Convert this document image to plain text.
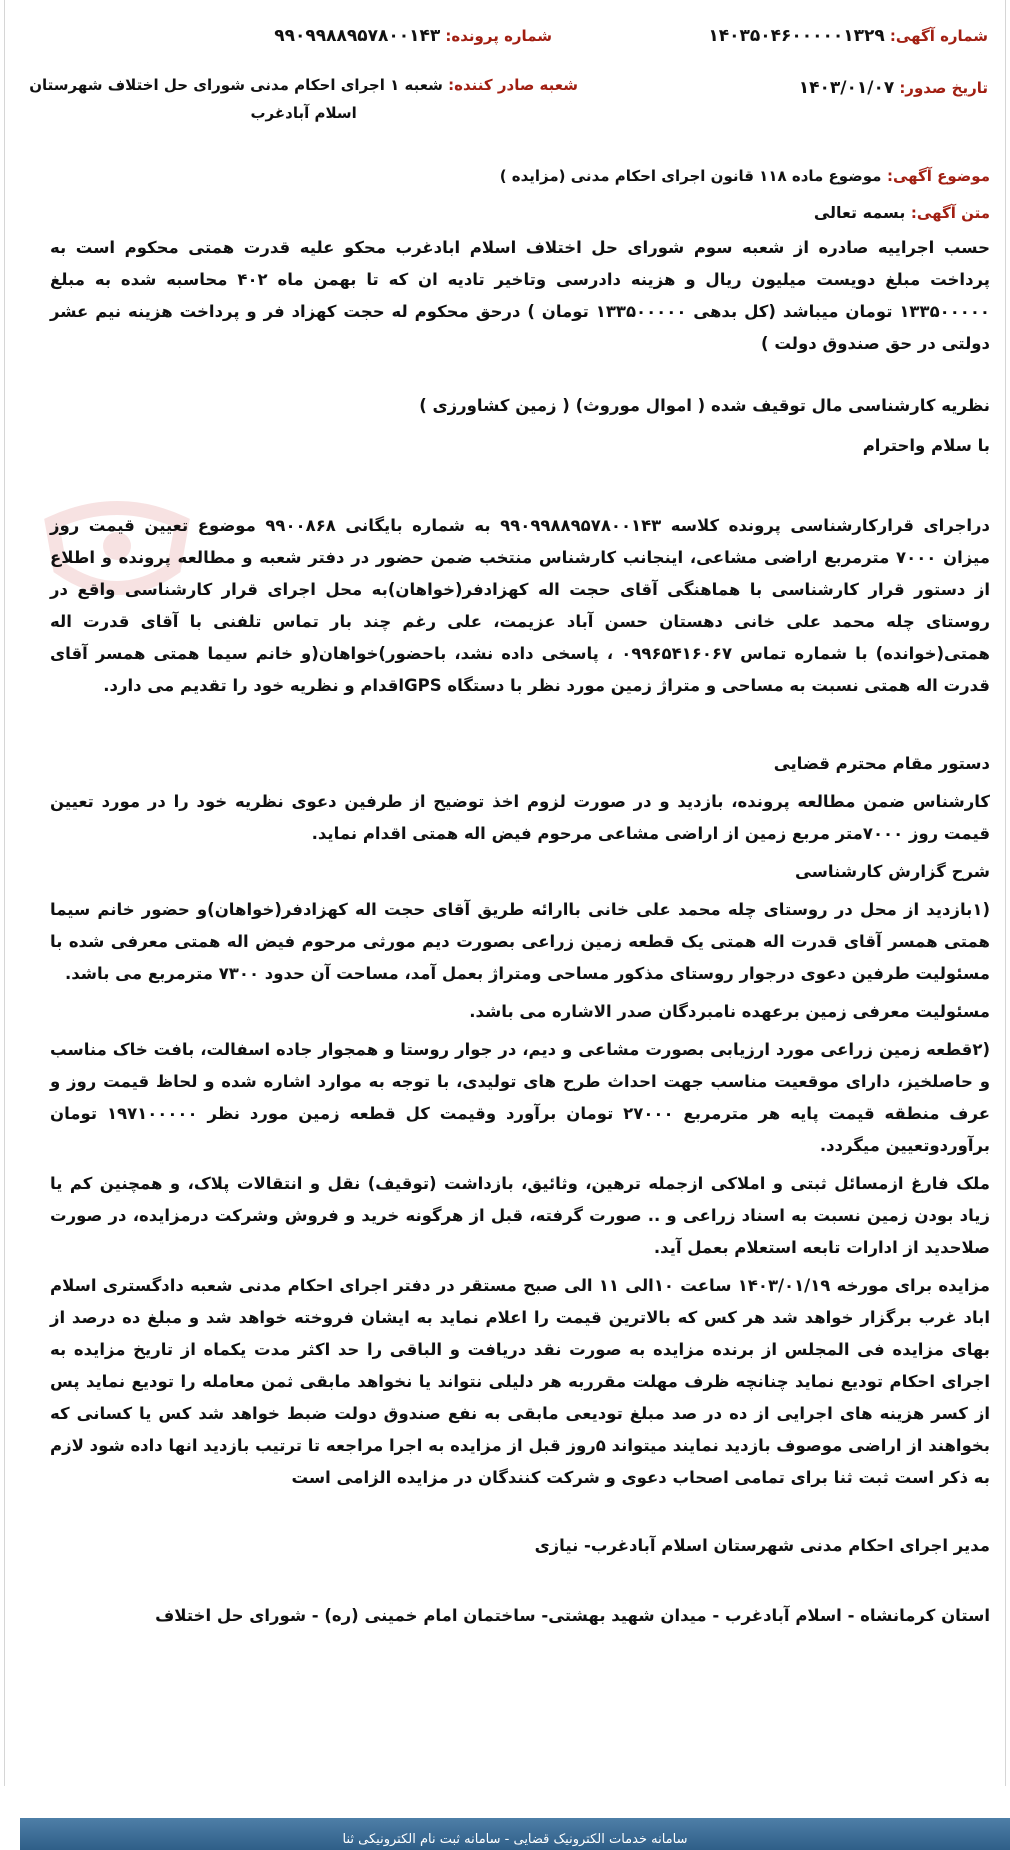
شماره آگهی: ۱۴۰۳۵۰۴۶۰۰۰۰۰۱۳۲۹
شماره پرونده: ۹۹۰۹۹۸۸۹۵۷۸۰۰۱۴۳
تاریخ صدور: ۱۴۰۳/۰۱/۰۷
شعبه صادر کننده: شعبه ۱ اجرای احکام مدنی شورای حل اختلاف شهرستان
اسلام آبادغرب
موضوع آگهی: موضوع ماده ۱۱۸ قانون اجرای احکام مدنی (مزایده )
متن آگهی: بسمه تعالی

حسب اجراییه صادره از شعبه سوم شورای حل اختلاف اسلام ابادغرب محکو علیه قدرت همتی محکوم است به پرداخت مبلغ دویست میلیون ریال و هزینه دادرسی وتاخیر تادیه ان که تا بهمن ماه ۴۰۲ محاسبه شده به مبلغ ۱۳۳۵۰۰۰۰۰ تومان میباشد (کل بدهی ۱۳۳۵۰۰۰۰۰ تومان ) درحق محکوم له حجت کهزاد فر و پرداخت هزینه نیم عشر دولتی در حق صندوق دولت )

نظریه کارشناسی مال توقیف شده ( اموال موروث) ( زمین کشاورزی )

با سلام واحترام

دراجرای قرارکارشناسی پرونده کلاسه ۹۹۰۹۹۸۸۹۵۷۸۰۰۱۴۳ به شماره بایگانی ۹۹۰۰۸۶۸ موضوع تعیین قیمت روز میزان ۷۰۰۰ مترمربع اراضی مشاعی، اینجانب کارشناس منتخب ضمن حضور در دفتر شعبه و مطالعه پرونده و اطلاع از دستور قرار کارشناسی با هماهنگی آقای حجت اله کهزادفر(خواهان)به محل اجرای قرار کارشناسی واقع در روستای چله محمد علی خانی دهستان حسن آباد عزیمت، علی رغم چند بار تماس تلفنی با آقای قدرت اله همتی(خوانده) با شماره تماس ۰۹۹۶۵۴۱۶۰۶۷ ، پاسخی داده نشد، باحضور)خواهان(و خانم سیما همتی همسر آقای قدرت اله همتی نسبت به مساحی و متراژ زمین مورد نظر با دستگاه GPSاقدام و نظریه خود را تقدیم می دارد.

دستور مقام محترم قضایی

کارشناس ضمن مطالعه پرونده، بازدید و در صورت لزوم اخذ توضیح از طرفین دعوی نظریه خود را در مورد تعیین قیمت روز ۷۰۰۰متر مربع زمین از اراضی مشاعی مرحوم فیض اله همتی اقدام نماید.

شرح گزارش کارشناسی

(۱بازدید از محل در روستای چله محمد علی خانی باارائه طریق آقای حجت اله کهزادفر(خواهان)و حضور خانم سیما همتی همسر آقای قدرت اله همتی یک قطعه زمین زراعی بصورت دیم مورثی مرحوم فیض اله همتی معرفی شده با مسئولیت طرفین دعوی درجوار روستای مذکور مساحی ومتراژ بعمل آمد، مساحت آن حدود ۷۳۰۰ مترمربع می باشد.

مسئولیت معرفی زمین برعهده نامبردگان صدر الاشاره می باشد.

(۲قطعه زمین زراعی مورد ارزیابی بصورت مشاعی و دیم، در جوار روستا و همجوار جاده اسفالت، بافت خاک مناسب و حاصلخیز، دارای موقعیت مناسب جهت احداث طرح های تولیدی، با توجه به موارد اشاره شده و لحاظ قیمت روز و عرف منطقه قیمت پایه هر مترمربع ۲۷۰۰۰ تومان برآورد وقیمت کل قطعه زمین مورد نظر ۱۹۷۱۰۰۰۰۰ تومان برآوردوتعیین میگردد.

ملک فارغ ازمسائل ثبتی و املاکی ازجمله ترهین، وثائیق، بازداشت (توقیف) نقل و انتقالات پلاک، و همچنین کم یا زیاد بودن زمین نسبت به اسناد زراعی و .. صورت گرفته، قبل از هرگونه خرید و فروش وشرکت درمزایده، در صورت صلاحدید از ادارات تابعه استعلام بعمل آید.

مزایده برای مورخه ۱۴۰۳/۰۱/۱۹ ساعت ۱۰الی ۱۱ الی صبح مستقر در دفتر اجرای احکام مدنی شعبه دادگستری اسلام اباد غرب برگزار خواهد شد هر کس که بالاترین قیمت را اعلام نماید به ایشان فروخته خواهد شد و مبلغ ده درصد از بهای مزایده فی المجلس از برنده مزایده به صورت نقد دریافت و الباقی را حد اکثر مدت یکماه از تاریخ مزایده به اجرای احکام تودیع نماید چنانچه ظرف مهلت مقرربه هر دلیلی نتواند یا نخواهد مابقی ثمن معامله را تودیع نماید پس از کسر هزینه های اجرایی از ده در صد مبلغ تودیعی مابقی به نفع صندوق دولت ضبط خواهد شد کس یا کسانی که بخواهند از اراضی موصوف بازدید نمایند میتواند ۵روز قبل از مزایده به اجرا مراجعه تا ترتیب بازدید انها داده شود لازم به ذکر است ثبت ثنا برای تمامی اصحاب دعوی و شرکت کنندگان در مزایده الزامی است

مدیر اجرای احکام مدنی شهرستان اسلام آبادغرب- نیازی

استان کرمانشاه - اسلام آبادغرب - میدان شهید بهشتی- ساختمان امام خمینی (ره) - شورای حل اختلاف

سامانه خدمات الکترونیک قضایی - سامانه ثبت نام الکترونیکی ثنا
